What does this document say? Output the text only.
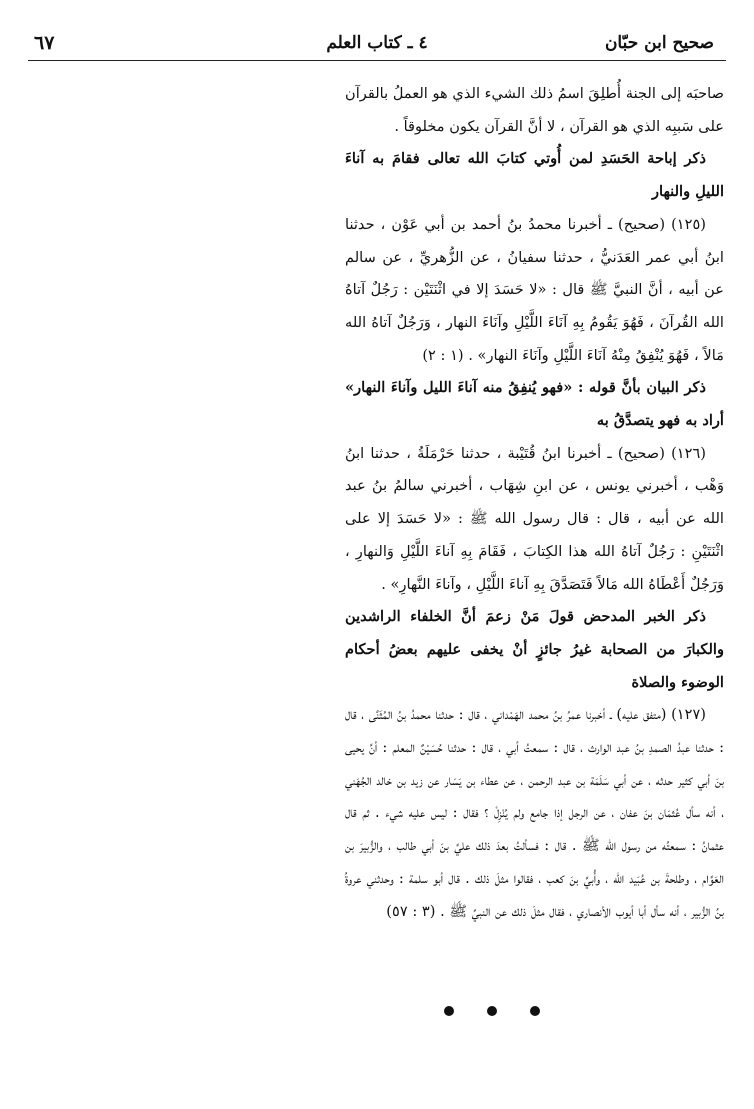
صحيح ابن حبّان
٤ ـ كتاب العلم
٦٧

صاحبَه إلى الجنة أُطلِقَ اسمُ ذلك الشيء الذي هو العملُ بالقرآن على سَببِه الذي هو القرآن ، لا أنَّ القرآن يكون مخلوقاً .

ذكر إباحة الحَسَدِ لمن أُوتي كتابَ الله تعالى فقامَ به آناءَ الليلِ والنهار

(١٢٥) (صحيح) ـ أخبرنا محمدُ بنُ أحمد بن أبي عَوْن ، حدثنا ابنُ أبي عمر العَدَنيُّ ، حدثنا سفيانُ ، عن الزُّهريِّ ، عن سالم عن أبيه ، أنَّ النبيَّ ﷺ قال : «لا حَسَدَ إلا في اثْنَتَيْن : رَجُلٌ آتاهُ الله القُرآنَ ، فَهُوَ يَقُومُ بِهِ آنَاءَ اللَّيْلِ وآنَاءَ النهار ، وَرَجُلٌ آتاهُ الله مَالاً ، فَهُوَ يُنْفِقُ مِنْهُ آنَاءَ اللَّيْلِ وآنَاءَ النهار» . (١ : ٢)

ذكر البيان بأنَّ قوله : «فهو يُنفِقُ منه آناءَ الليل وآناءَ النهار» أراد به فهو يتصدَّقُ به

(١٢٦) (صحيح) ـ أخبرنا ابنُ قُتَيْبة ، حدثنا حَرْمَلَةُ ، حدثنا ابنُ وَهْب ، أخبرني يونس ، عن ابنِ شِهَاب ، أخبرني سالمُ بنُ عبد الله عن أبيه ، قال : قال رسول الله ﷺ : «لا حَسَدَ إلا على اثْنَتَيْنِ : رَجُلٌ آتاهُ الله هذا الكِتابَ ، فَقَامَ بِهِ آناءَ اللَّيْلِ وَالنهارِ ، وَرَجُلٌ أَعْطَاهُ الله مَالاً فَتَصَدَّقَ بِهِ آناءَ اللَّيْلِ ، وآناءَ النَّهارِ» .

ذكر الخبر المدحض قولَ مَنْ زعمَ أنَّ الخلفاء الراشدين والكبارَ من الصحابة غيرُ جائزٍ أنْ يخفى عليهم بعضُ أحكام الوضوء والصلاة

(١٢٧) (متفق عليه) ـ أخبرنا عمرُ بنُ محمد الهَمْداني ، قال : حدثنا محمدُ بنُ المُثَنَّى ، قال : حدثنا عبدُ الصمدِ بنُ عبد الوارث ، قال : سمعتُ أبي ، قال : حدثنا حُسَيْنٌ المعلم : أنَّ يحيى بنَ أبي كثير حدثه ، عن أبي سَلَمَة بن عبد الرحمن ، عن عطاء بن يَسَار عن زيد بن خالد الجُهَني ، أنه سأل عُثمَان بنَ عفان ، عن الرجل إذا جامع ولم يُنْزِلْ ؟ فقال : ليس عليه شيء . ثم قال عثمانُ : سمعتُه من رسول الله ﷺ . قال : فسألتُ بعدَ ذلك عليَّ بنَ أبي طالب ، والزُّبيرَ بن العَوَّام ، وطلحةَ بن عُبَيد الله ، وأُبيَّ بنَ كعب ، فقالوا مثلَ ذلك . قال أبو سلمة : وحدثني عروةُ بنُ الزُّبير ، أنه سأل أبا أيوب الأنصاري ، فقال مثلَ ذلك عن النبيِّ ﷺ . (٣ : ٥٧)
